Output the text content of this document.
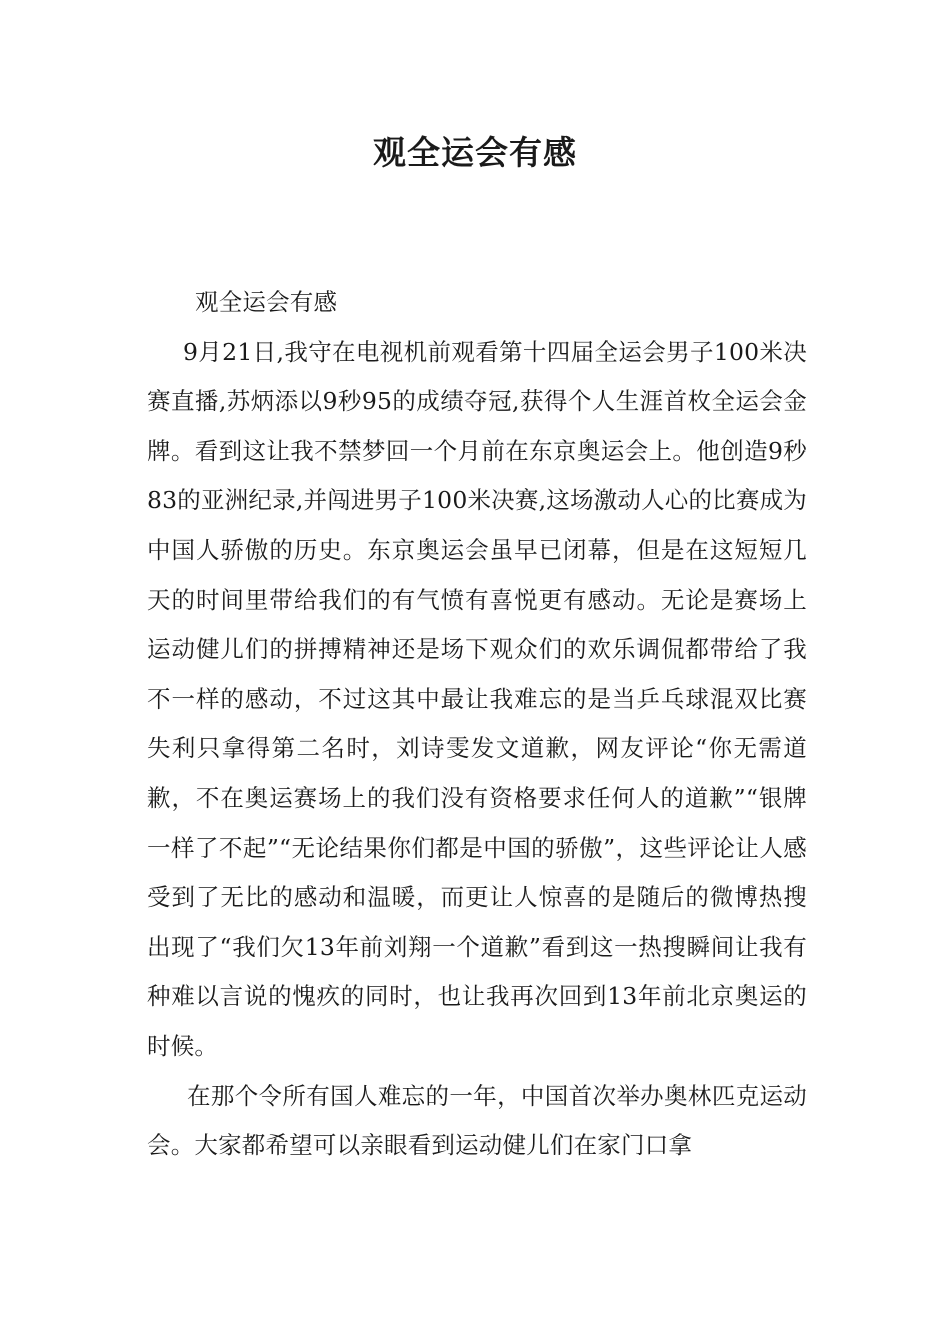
观全运会有感

观全运会有感

9月21日,我守在电视机前观看第十四届全运会男子100米决赛直播,苏炳添以9秒95的成绩夺冠,获得个人生涯首枚全运会金牌。看到这让我不禁梦回一个月前在东京奥运会上。他创造9秒83的亚洲纪录,并闯进男子100米决赛,这场激动人心的比赛成为中国人骄傲的历史。东京奥运会虽早已闭幕，但是在这短短几天的时间里带给我们的有气愤有喜悦更有感动。无论是赛场上运动健儿们的拼搏精神还是场下观众们的欢乐调侃都带给了我不一样的感动，不过这其中最让我难忘的是当乒乓球混双比赛失利只拿得第二名时，刘诗雯发文道歉，网友评论“你无需道歉，不在奥运赛场上的我们没有资格要求任何人的道歉”“银牌一样了不起”“无论结果你们都是中国的骄傲”，这些评论让人感受到了无比的感动和温暖，而更让人惊喜的是随后的微博热搜出现了“我们欠13年前刘翔一个道歉”看到这一热搜瞬间让我有种难以言说的愧疚的同时，也让我再次回到13年前北京奥运的时候。

在那个令所有国人难忘的一年，中国首次举办奥林匹克运动会。大家都希望可以亲眼看到运动健儿们在家门口拿
